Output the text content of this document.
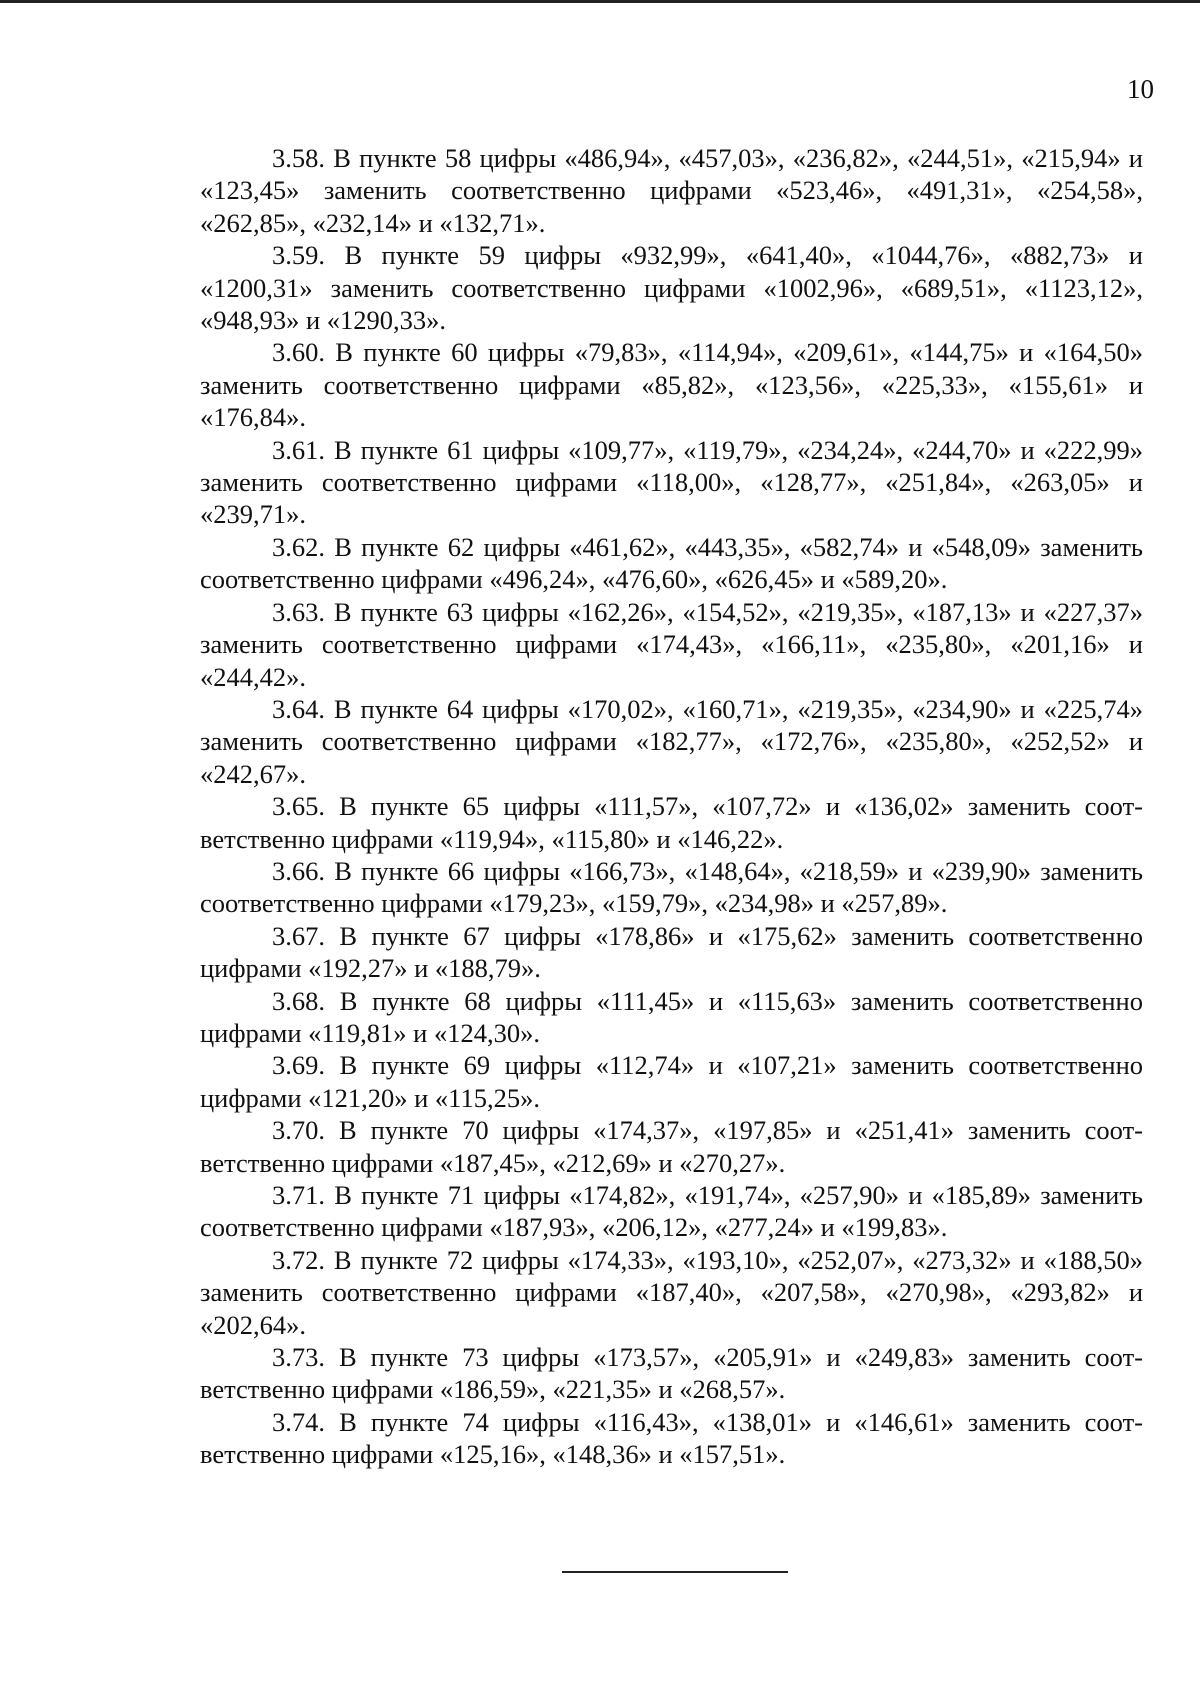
10

3.58. В пункте 58 цифры «486,94», «457,03», «236,82», «244,51», «215,94» и «123,45» заменить соответственно цифрами «523,46», «491,31», «254,58», «262,85», «232,14» и «132,71».

3.59. В пункте 59 цифры «932,99», «641,40», «1044,76», «882,73» и «1200,31» заменить соответственно цифрами «1002,96», «689,51», «1123,12», «948,93» и «1290,33».

3.60. В пункте 60 цифры «79,83», «114,94», «209,61», «144,75» и «164,50» заменить соответственно цифрами «85,82», «123,56», «225,33», «155,61» и «176,84».

3.61. В пункте 61 цифры «109,77», «119,79», «234,24», «244,70» и «222,99» заменить соответственно цифрами «118,00», «128,77», «251,84», «263,05» и «239,71».

3.62. В пункте 62 цифры «461,62», «443,35», «582,74» и «548,09» заменить соответственно цифрами «496,24», «476,60», «626,45» и «589,20».

3.63. В пункте 63 цифры «162,26», «154,52», «219,35», «187,13» и «227,37» заменить соответственно цифрами «174,43», «166,11», «235,80», «201,16» и «244,42».

3.64. В пункте 64 цифры «170,02», «160,71», «219,35», «234,90» и «225,74» заменить соответственно цифрами «182,77», «172,76», «235,80», «252,52» и «242,67».

3.65. В пункте 65 цифры «111,57», «107,72» и «136,02» заменить соответственно цифрами «119,94», «115,80» и «146,22».

3.66. В пункте 66 цифры «166,73», «148,64», «218,59» и «239,90» заменить соответственно цифрами «179,23», «159,79», «234,98» и «257,89».

3.67. В пункте 67 цифры «178,86» и «175,62» заменить соответственно цифрами «192,27» и «188,79».

3.68. В пункте 68 цифры «111,45» и «115,63» заменить соответственно цифрами «119,81» и «124,30».

3.69. В пункте 69 цифры «112,74» и «107,21» заменить соответственно цифрами «121,20» и «115,25».

3.70. В пункте 70 цифры «174,37», «197,85» и «251,41» заменить соответственно цифрами «187,45», «212,69» и «270,27».

3.71. В пункте 71 цифры «174,82», «191,74», «257,90» и «185,89» заменить соответственно цифрами «187,93», «206,12», «277,24» и «199,83».

3.72. В пункте 72 цифры «174,33», «193,10», «252,07», «273,32» и «188,50» заменить соответственно цифрами «187,40», «207,58», «270,98», «293,82» и «202,64».

3.73. В пункте 73 цифры «173,57», «205,91» и «249,83» заменить соответственно цифрами «186,59», «221,35» и «268,57».

3.74. В пункте 74 цифры «116,43», «138,01» и «146,61» заменить соответственно цифрами «125,16», «148,36» и «157,51».
